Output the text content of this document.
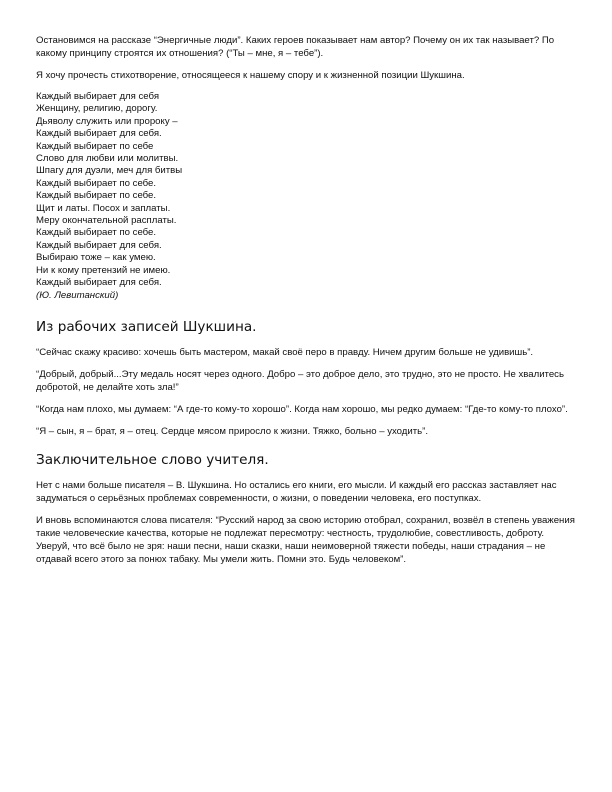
Остановимся на рассказе “Энергичные люди”. Каких героев показывает нам автор? Почему он их так называет? По какому принципу строятся их отношения? (“Ты – мне, я – тебе”).

Я хочу прочесть стихотворение, относящееся к нашему спору и к жизненной позиции Шукшина.

Каждый выбирает для себя
Женщину, религию, дорогу.
Дьяволу служить или пророку –
Каждый выбирает для себя.
Каждый выбирает по себе
Слово для любви или молитвы.
Шпагу для дуэли, меч для битвы
Каждый выбирает по себе.
Каждый выбирает по себе.
Щит и латы. Посох и заплаты.
Меру окончательной расплаты.
Каждый выбирает по себе.
Каждый выбирает для себя.
Выбираю тоже – как умею.
Ни к кому претензий не имею.
Каждый выбирает для себя.
(Ю. Левитанский)
Из рабочих записей Шукшина.

“Сейчас скажу красиво: хочешь быть мастером, макай своё перо в правду. Ничем другим больше не удивишь”.

“Добрый, добрый...Эту медаль носят через одного. Добро – это доброе дело, это трудно, это не просто. Не хвалитесь добротой, не делайте хоть зла!”

“Когда нам плохо, мы думаем: “А где-то кому-то хорошо”. Когда нам хорошо, мы редко думаем: “Где-то кому-то плохо”.

“Я – сын, я – брат, я – отец. Сердце мясом приросло к жизни. Тяжко, больно – уходить”.

Заключительное слово учителя.

Нет с нами больше писателя – В. Шукшина. Но остались его книги, его мысли. И каждый его рассказ заставляет нас задуматься о серьёзных проблемах современности, о жизни, о поведении человека, его поступках.

И вновь вспоминаются слова писателя: “Русский народ за свою историю отобрал, сохранил, возвёл в степень уважения такие человеческие качества, которые не подлежат пересмотру: честность, трудолюбие, совестливость, доброту. Уверуй, что всё было не зря: наши песни, наши сказки, наши неимоверной тяжести победы, наши страдания – не отдавай всего этого за понюх табаку. Мы умели жить. Помни это. Будь человеком”.
